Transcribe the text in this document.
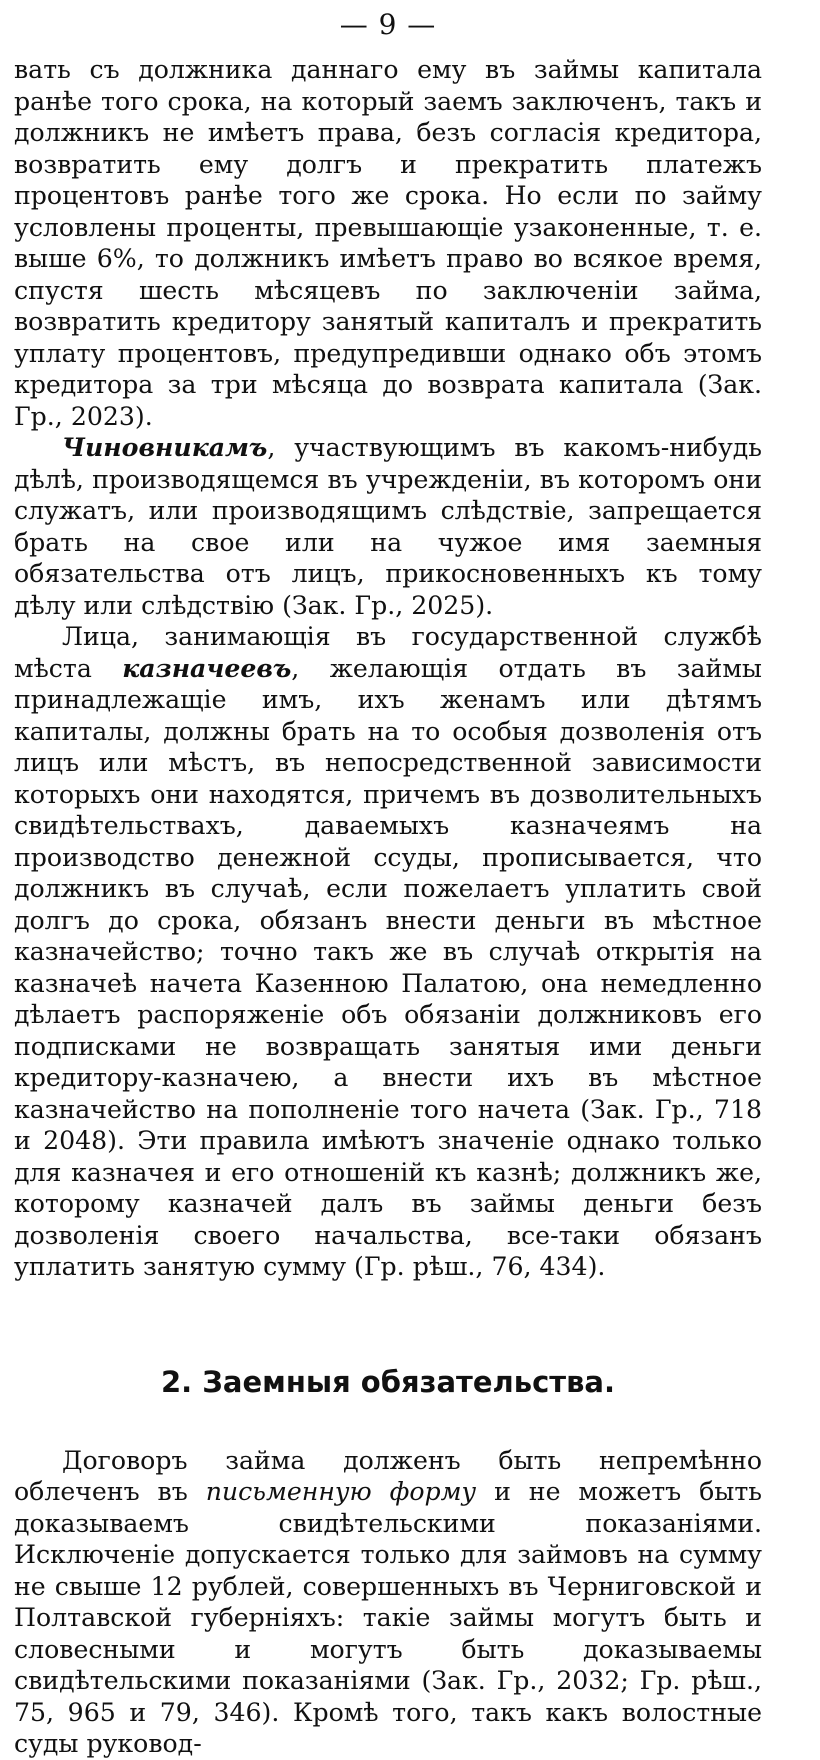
— 9 —

вать съ должника даннаго ему въ займы капитала ранѣе того срока, на который заемъ заключенъ, такъ и должникъ не имѣетъ права, безъ согласія кредитора, возвратить ему долгъ и прекратить платежъ процентовъ ранѣе того же срока. Но если по займу условлены проценты, превышающіе узаконенные, т. е. выше 6%, то должникъ имѣетъ право во всякое время, спустя шесть мѣсяцевъ по заключеніи займа, возвратить кредитору занятый капиталъ и прекратить уплату процентовъ, предупредивши однако объ этомъ кредитора за три мѣсяца до возврата капитала (Зак. Гр., 2023).

Чиновникамъ, участвующимъ въ какомъ-нибудь дѣлѣ, производящемся въ учрежденіи, въ которомъ они служатъ, или производящимъ слѣдствіе, запрещается брать на свое или на чужое имя заемныя обязательства отъ лицъ, прикосновенныхъ къ тому дѣлу или слѣдствію (Зак. Гр., 2025).

Лица, занимающія въ государственной службѣ мѣста казначеевъ, желающія отдать въ займы принадлежащіе имъ, ихъ женамъ или дѣтямъ капиталы, должны брать на то особыя дозволенія отъ лицъ или мѣстъ, въ непосредственной зависимости которыхъ они находятся, причемъ въ дозволительныхъ свидѣтельствахъ, даваемыхъ казначеямъ на производство денежной ссуды, прописывается, что должникъ въ случаѣ, если пожелаетъ уплатить свой долгъ до срока, обязанъ внести деньги въ мѣстное казначейство; точно такъ же въ случаѣ открытія на казначеѣ начета Казенною Палатою, она немедленно дѣлаетъ распоряженіе объ обязаніи должниковъ его подписками не возвращать занятыя ими деньги кредитору-казначею, а внести ихъ въ мѣстное казначейство на пополненіе того начета (Зак. Гр., 718 и 2048). Эти правила имѣютъ значеніе однако только для казначея и его отношеній къ казнѣ; должникъ же, которому казначей далъ въ займы деньги безъ дозволенія своего начальства, все-таки обязанъ уплатить занятую сумму (Гр. рѣш., 76, 434).

2. Заемныя обязательства.

Договоръ займа долженъ быть непремѣнно облеченъ въ письменную форму и не можетъ быть доказываемъ свидѣтельскими показаніями. Исключеніе допускается только для займовъ на сумму не свыше 12 рублей, совершенныхъ въ Черниговской и Полтавской губерніяхъ: такіе займы могутъ быть и словесными и могутъ быть доказываемы свидѣтельскими показаніями (Зак. Гр., 2032; Гр. рѣш., 75, 965 и 79, 346). Кромѣ того, такъ какъ волостные суды руковод-
